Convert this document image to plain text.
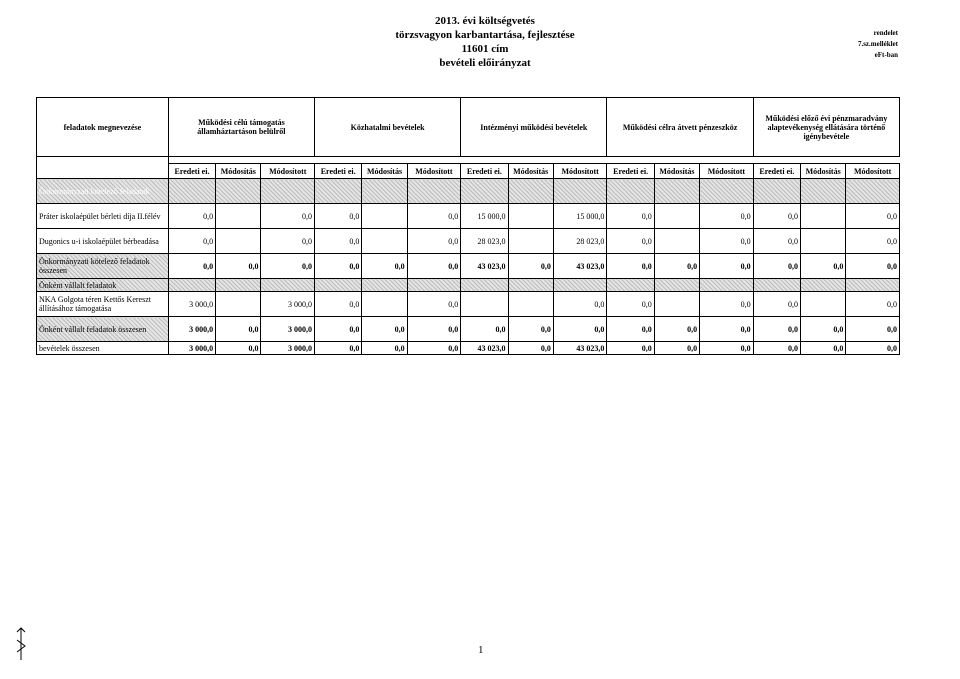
2013. évi költségvetés
törzsvagyon karbantartása, fejlesztése
11601 cím
bevételi előirányzat
rendelet
7.sz.melléklet
eFt-ban
feladatok megnevezése	Működési célú támogatás államháztartáson belülről			Közhatalmi bevételek			Intézményi működési bevételek			Működési célra átvett pénzeszköz			Működési előző évi pénzmaradvány alaptevékenység ellátására történő igénybevétele		

	Eredeti ei.	Módosítás	Módosított	Eredeti ei.	Módosítás	Módosított	Eredeti ei.	Módosítás	Módosított	Eredeti ei.	Módosítás	Módosított	Eredeti ei.	Módosítás	Módosított
Önkormányzati kötelező feladatok															
Práter iskolaépület bérleti díja II.félév	0,0		0,0	0,0		0,0	15 000,0		15 000,0	0,0		0,0	0,0		0,0
Dugonics u-i iskolaépület bérbeadása	0,0		0,0	0,0		0,0	28 023,0		28 023,0	0,0		0,0	0,0		0,0
Önkormányzati kötelező feladatok összesen	0,0	0,0	0,0	0,0	0,0	0,0	43 023,0	0,0	43 023,0	0,0	0,0	0,0	0,0	0,0	0,0
Önként vállalt feladatok															
NKA Golgota téren Kettős Kereszt állításához támogatása	3 000,0		3 000,0	0,0		0,0			0,0	0,0		0,0	0,0		0,0
Önként vállalt feladatok összesen	3 000,0	0,0	3 000,0	0,0	0,0	0,0	0,0	0,0	0,0	0,0	0,0	0,0	0,0	0,0	0,0
bevételek összesen	3 000,0	0,0	3 000,0	0,0	0,0	0,0	43 023,0	0,0	43 023,0	0,0	0,0	0,0	0,0	0,0	0,0
1
